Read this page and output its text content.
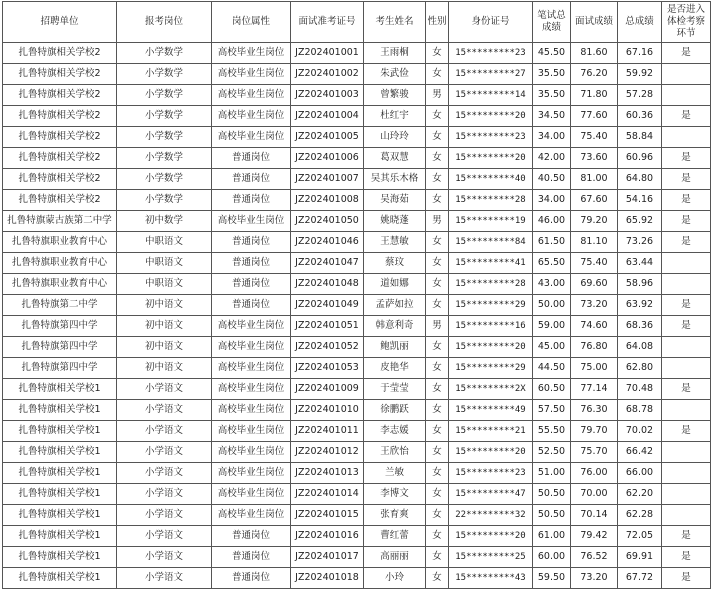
招聘单位	报考岗位	岗位属性	面试准考证号	考生姓名	性别	身份证号	笔试总成绩	面试成绩	总成绩	是否进入体检考察环节
扎鲁特旗相关学校2	小学数学	高校毕业生岗位	JZ202401001	王雨桐	女	15*********23	45.50	81.60	67.16	是
扎鲁特旗相关学校2	小学数学	高校毕业生岗位	JZ202401002	朱武俭	女	15*********27	35.50	76.20	59.92	
扎鲁特旗相关学校2	小学数学	高校毕业生岗位	JZ202401003	曾繁骏	男	15*********14	35.50	71.80	57.28	
扎鲁特旗相关学校2	小学数学	高校毕业生岗位	JZ202401004	杜红宇	女	15*********20	34.50	77.60	60.36	是
扎鲁特旗相关学校2	小学数学	高校毕业生岗位	JZ202401005	山玲玲	女	15*********23	34.00	75.40	58.84	
扎鲁特旗相关学校2	小学数学	普通岗位	JZ202401006	葛双慧	女	15*********20	42.00	73.60	60.96	是
扎鲁特旗相关学校2	小学数学	普通岗位	JZ202401007	吴其乐木格	女	15*********40	40.50	81.00	64.80	是
扎鲁特旗相关学校2	小学数学	普通岗位	JZ202401008	吴海茹	女	15*********28	34.00	67.60	54.16	是
扎鲁特旗蒙古族第二中学	初中数学	高校毕业生岗位	JZ202401050	姚晓蓬	男	15*********19	46.00	79.20	65.92	是
扎鲁特旗职业教育中心	中职语文	普通岗位	JZ202401046	王慧敏	女	15*********84	61.50	81.10	73.26	是
扎鲁特旗职业教育中心	中职语文	普通岗位	JZ202401047	蔡玟	女	15*********41	65.50	75.40	63.44	
扎鲁特旗职业教育中心	中职语文	普通岗位	JZ202401048	道如娜	女	15*********28	43.00	69.60	58.96	
扎鲁特旗第二中学	初中语文	普通岗位	JZ202401049	孟萨如拉	女	15*********29	50.00	73.20	63.92	是
扎鲁特旗第四中学	初中语文	高校毕业生岗位	JZ202401051	韩意利奇	男	15*********16	59.00	74.60	68.36	是
扎鲁特旗第四中学	初中语文	高校毕业生岗位	JZ202401052	鲍凯丽	女	15*********20	45.00	76.80	64.08	
扎鲁特旗第四中学	初中语文	高校毕业生岗位	JZ202401053	皮艳华	女	15*********29	44.50	75.00	62.80	
扎鲁特旗相关学校1	小学语文	高校毕业生岗位	JZ202401009	于莹莹	女	15*********2X	60.50	77.14	70.48	是
扎鲁特旗相关学校1	小学语文	高校毕业生岗位	JZ202401010	徐鹏跃	女	15*********49	57.50	76.30	68.78	
扎鲁特旗相关学校1	小学语文	高校毕业生岗位	JZ202401011	李志媛	女	15*********21	55.50	79.70	70.02	是
扎鲁特旗相关学校1	小学语文	高校毕业生岗位	JZ202401012	王欣怡	女	15*********20	52.50	75.70	66.42	
扎鲁特旗相关学校1	小学语文	高校毕业生岗位	JZ202401013	兰敏	女	15*********23	51.00	76.00	66.00	
扎鲁特旗相关学校1	小学语文	高校毕业生岗位	JZ202401014	李博文	女	15*********47	50.50	70.00	62.20	
扎鲁特旗相关学校1	小学语文	高校毕业生岗位	JZ202401015	张育爽	女	22*********32	50.50	70.14	62.28	
扎鲁特旗相关学校1	小学语文	普通岗位	JZ202401016	曹红蕾	女	15*********20	61.00	79.42	72.05	是
扎鲁特旗相关学校1	小学语文	普通岗位	JZ202401017	高丽丽	女	15*********25	60.00	76.52	69.91	是
扎鲁特旗相关学校1	小学语文	普通岗位	JZ202401018	小玲	女	15*********43	59.50	73.20	67.72	是
